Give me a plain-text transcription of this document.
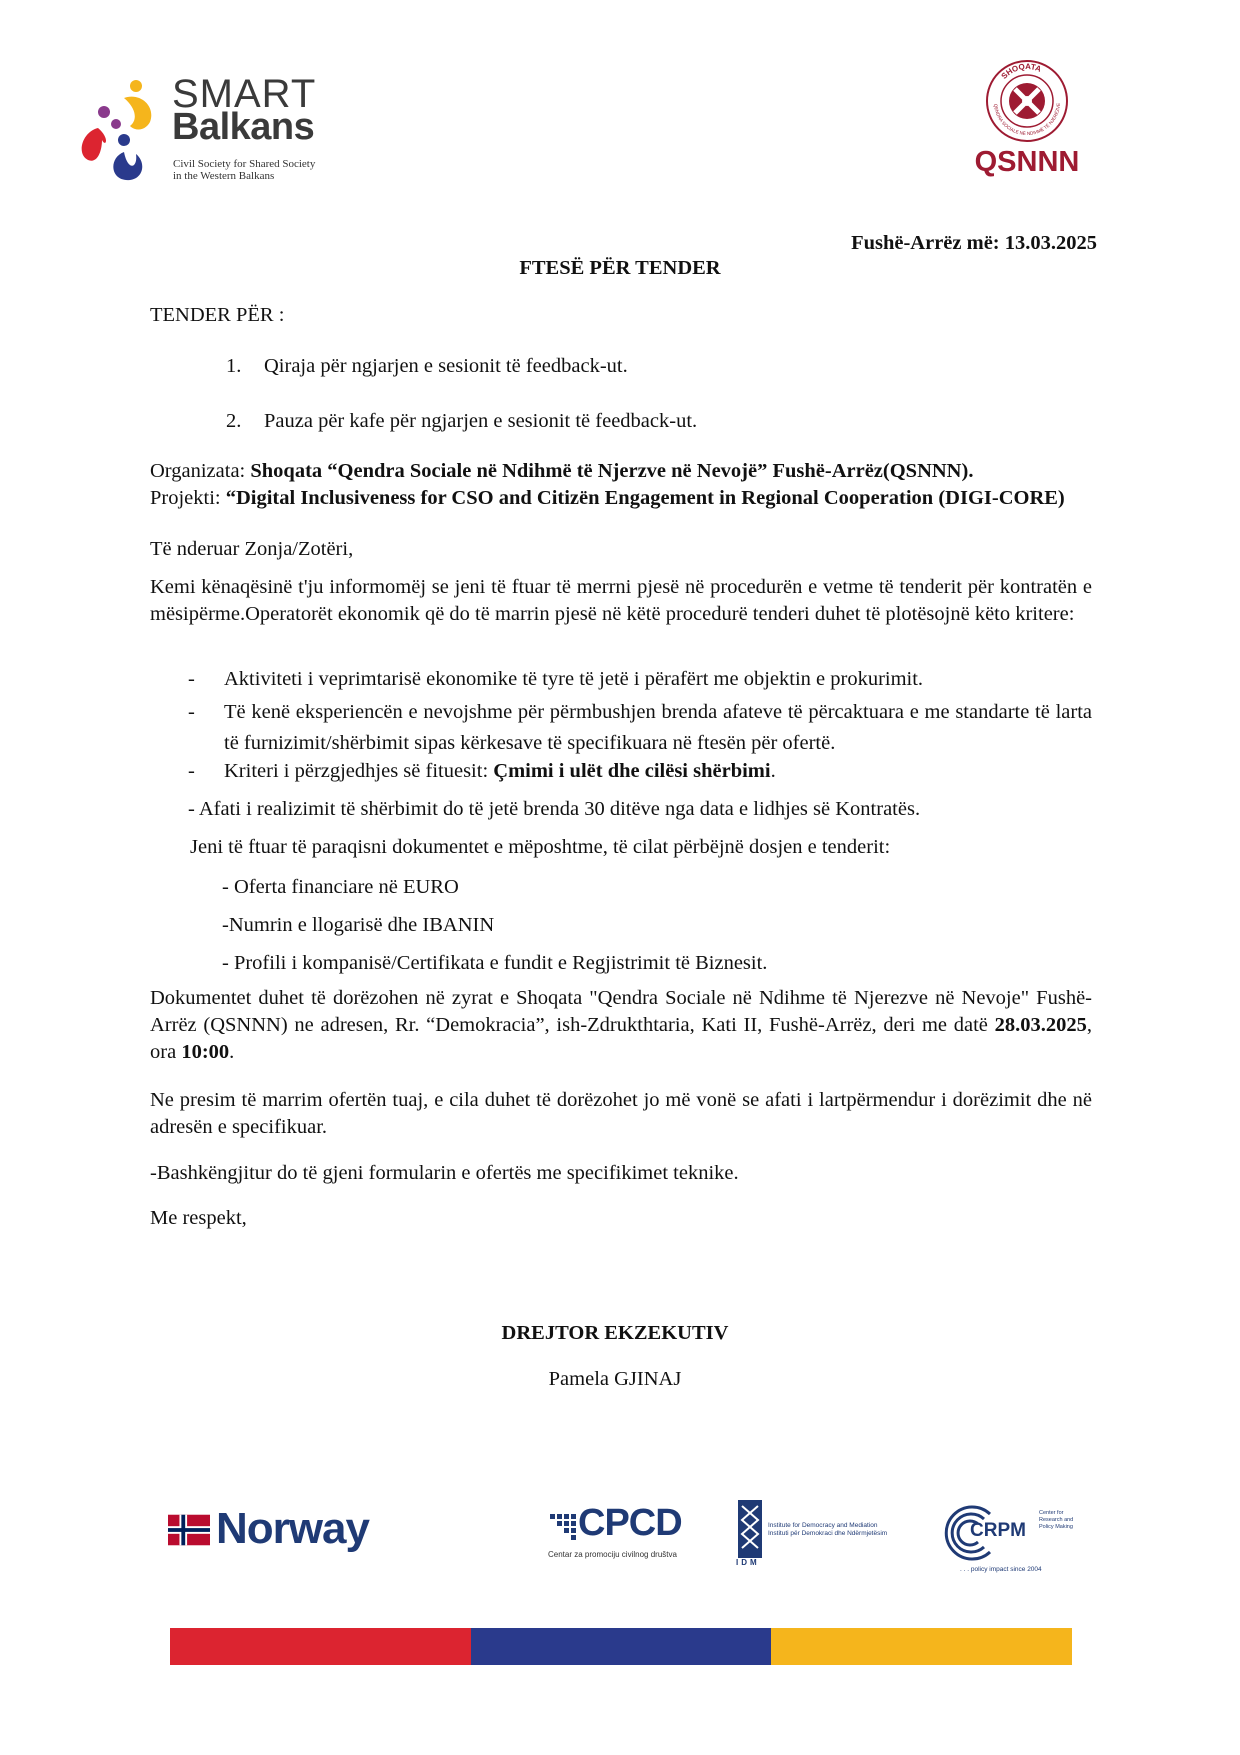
SMART
Balkans
Civil Society for Shared Society in the Western Balkans
SHOQATA
QENDRA SOCIALE NË NDIHMË TË NJERËZVE
QSNNN
Fushë-Arrëz më: 13.03.2025
FTESË PËR TENDER
TENDER PËR :
1. Qiraja për ngjarjen e sesionit të feedback-ut.
2. Pauza për kafe për ngjarjen e sesionit të feedback-ut.
Organizata: Shoqata “Qendra Sociale në Ndihmë të Njerzve në Nevojë” Fushë-Arrëz(QSNNN).
Projekti: “Digital Inclusiveness for CSO and Citizën Engagement in Regional Cooperation (DIGI-CORE)
Të nderuar Zonja/Zotëri,
Kemi kënaqësinë t'ju informomëj se jeni të ftuar të merrni pjesë në procedurën e vetme të tenderit për kontratën e mësipërme.Operatorët ekonomik që do të marrin pjesë në këtë procedurë tenderi duhet të plotësojnë këto kritere:
- Aktiviteti i veprimtarisë ekonomike të tyre të jetë i përafërt me objektin e prokurimit.
- Të kenë eksperiencën e nevojshme për përmbushjen brenda afateve të përcaktuara e me standarte të larta të furnizimit/shërbimit sipas kërkesave të specifikuara në ftesën për ofertë.
- Kriteri i përzgjedhjes së fituesit: Çmimi i ulët dhe cilësi shërbimi.
- Afati i realizimit të shërbimit do të jetë brenda 30 ditëve nga data e lidhjes së Kontratës.
Jeni të ftuar të paraqisni dokumentet e mëposhtme, të cilat përbëjnë dosjen e tenderit:
- Oferta financiare në EURO
-Numrin e llogarisë dhe IBANIN
- Profili i kompanisë/Certifikata e fundit e Regjistrimit të Biznesit.
Dokumentet duhet të dorëzohen në zyrat e Shoqata "Qendra Sociale në Ndihme të Njerezve në Nevoje" Fushë-Arrëz (QSNNN) ne adresen, Rr. “Demokracia”, ish-Zdrukthtaria, Kati II, Fushë-Arrëz, deri me datë 28.03.2025, ora 10:00.
Ne presim të marrim ofertën tuaj, e cila duhet të dorëzohet jo më vonë se afati i lartpërmendur i dorëzimit dhe në adresën e specifikuar.
-Bashkëngjitur do të gjeni formularin e ofertës me specifikimet teknike.
Me respekt,
DREJTOR EKZEKUTIV
Pamela GJINAJ
Norway	CPCD
Centar za promociju civilnog društva
Institute for Democracy and Mediation Instituti për Demokraci dhe Ndërmjetësim
IDM
CRPM
Center for Research and Policy Making
. . . policy impact since 2004
